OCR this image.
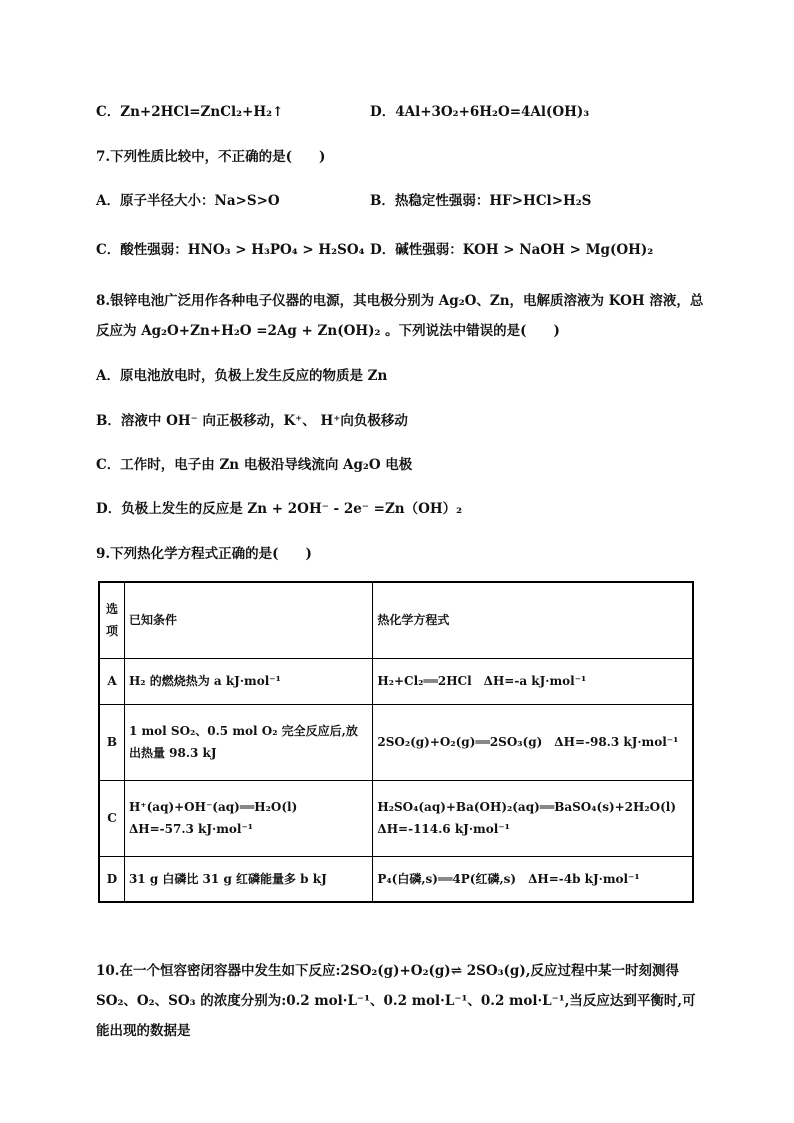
C．Zn+2HCl=ZnCl₂+H₂↑	D．4Al+3O₂+6H₂O=4Al(OH)₃
7.下列性质比较中，不正确的是(　　)
A．原子半径大小：Na>S>O	B．热稳定性强弱：HF>HCl>H₂S
C．酸性强弱：HNO₃ > H₃PO₄ > H₂SO₄ D．碱性强弱：KOH > NaOH > Mg(OH)₂
8.银锌电池广泛用作各种电子仪器的电源，其电极分别为 Ag₂O、Zn，电解质溶液为 KOH 溶液，总
反应为 Ag₂O+Zn+H₂O =2Ag + Zn(OH)₂ 。下列说法中错误的是(　　)
A．原电池放电时，负极上发生反应的物质是 Zn
B．溶液中 OH⁻ 向正极移动，K⁺、 H⁺向负极移动
C．工作时，电子由 Zn 电极沿导线流向 Ag₂O 电极
D．负极上发生的反应是 Zn + 2OH⁻ - 2e⁻ =Zn（OH）₂
9.下列热化学方程式正确的是(　　)
选项	已知条件	热化学方程式
A	H₂ 的燃烧热为 a kJ·mol⁻¹	H₂+Cl₂══2HCl　ΔH=-a kJ·mol⁻¹
B	1 mol SO₂、0.5 mol O₂ 完全反应后,放出热量 98.3 kJ	2SO₂(g)+O₂(g)══2SO₃(g)　ΔH=-98.3 kJ·mol⁻¹
C	H⁺(aq)+OH⁻(aq)══H₂O(l)　　ΔH=-57.3 kJ·mol⁻¹	H₂SO₄(aq)+Ba(OH)₂(aq)══BaSO₄(s)+2H₂O(l)　ΔH=-114.6 kJ·mol⁻¹
D	31 g 白磷比 31 g 红磷能量多 b kJ	P₄(白磷,s)══4P(红磷,s)　ΔH=-4b kJ·mol⁻¹
10.在一个恒容密闭容器中发生如下反应:2SO₂(g)+O₂(g)⇌ 2SO₃(g),反应过程中某一时刻测得 SO₂、O₂、SO₃ 的浓度分别为:0.2 mol·L⁻¹、0.2 mol·L⁻¹、0.2 mol·L⁻¹,当反应达到平衡时,可能出现的数据是
